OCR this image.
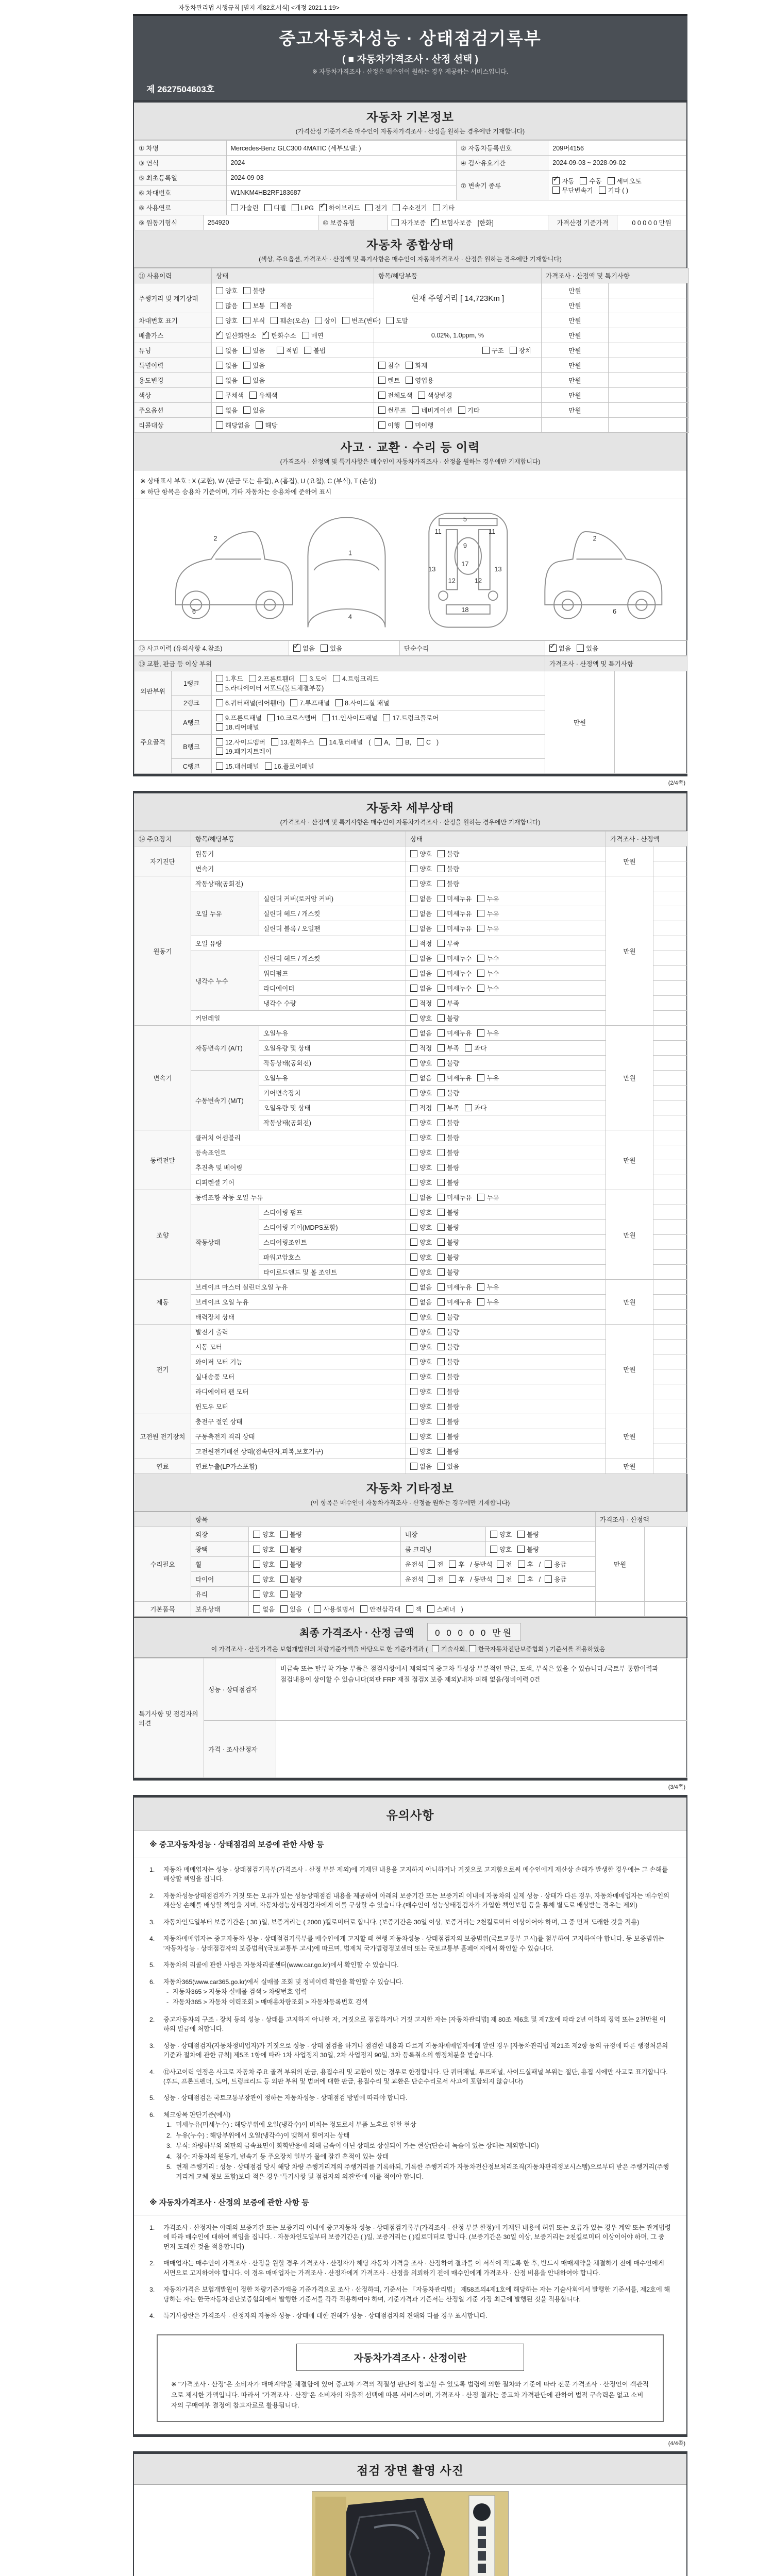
자동차관리법 시행규칙 [별지 제82호서식] <개정 2021.1.19>
중고자동차성능 · 상태점검기록부
( ■ 자동차가격조사 · 산정 선택 )
※ 자동차가격조사 · 산정은 매수인이 원하는 경우 제공하는 서비스입니다.
제 2627504603호
자동차 기본정보
(가격산정 기준가격은 매수인이 자동차가격조사 · 산정을 원하는 경우에만 기재합니다)
① 차명		Mercedes-Benz GLC300 4MATIC (세부모델: )			② 자동차등록번호	209머4156	
③ 연식		2024			④ 검사유효기간	2024-09-03 ~ 2028-09-02	
⑤ 최초등록일		2024-09-03			⑦ 변속기 종류	✓자동 수동 세미오토
무단변속기 기타 ( )
⑥ 차대번호		W1NKM4HB2RF183687					
⑧ 사용연료		가솔린 디젤 LPG ✓ 하이브리드 전기 수소전기 기타
⑨ 원동기형식	254920		⑩ 보증유형	자가보증 ✓ 보험사보증 [한화]		가격산정 기준가격	0 0 0 0 0 만원
자동차 종합상태
(색상, 주요옵션, 가격조사 · 산정액 및 특기사항은 매수인이 자동차가격조사 · 산정을 원하는 경우에만 기재합니다)
⑪ 사용이력	상태	항목/해당부품	가격조사 · 산정액 및 특기사항	
주행거리 및 계기상태	양호 불량	현재 주행거리 [ 14,723Km ]	만원	
	많음 보통 적음		만원	
차대번호 표기	양호 부식 훼손(오손) 상이 변조(변타) 도말		만원	
배출가스	✓일산화탄소 ✓ 탄화수소 매연	0.02%, 1.0ppm, %	만원	
튜닝	없음 있음 적법 불법	구조 장치	만원	
특별이력	없음 있음	침수 화재	만원	
용도변경	없음 있음	렌트 영업용	만원	
색상	무채색 유채색	전체도색 색상변경	만원	
주요옵션	없음 있음	썬루프 네비게이션 기타	만원	
리콜대상	해당없음 해당	이행 미이행		
사고 · 교환 · 수리 등 이력
(가격조사 · 산정액 및 특기사항은 매수인이 자동차가격조사 · 산정을 원하는 경우에만 기재합니다)
※ 상태표시 부호 : X (교환), W (판금 또는 용접), A (흠집), U (요철), C (부식), T (손상)
※ 하단 항목은 승용차 기준이며, 기타 자동차는 승용차에 준하여 표시
2
6
1
4
11	11
5
9
13	13
12	12
17
18
2
6
⑫ 사고이력 (유의사항 4.참조)	✓없음 있음	단순수리	✓없음 있음
⑬ 교환, 판금 등 이상 부위			가격조사 · 산정액 및 특기사항	
외판부위	1랭크	1.후드 2.프론트휀더 3.도어 4.트렁크리드
5.라디에이터 서포트(볼트체결부품)	만원	
	2랭크	6.쿼터패널(리어휀더) 7.루프패널 8.사이드실 패널		
주요골격	A랭크	9.프론트패널 10.크로스멤버 11.인사이드패널 17.트렁크플로어
18.리어패널		
	B랭크	12.사이드멤버 13.휠하우스 14.필러패널 ( A, B, C )
19.패키지트레이		
	C랭크	15.대쉬패널 16.플로어패널		
(2/4쪽)
자동차 세부상태
(가격조사 · 산정액 및 특기사항은 매수인이 자동차가격조사 · 산정을 원하는 경우에만 기재합니다)
⑭ 주요장치	항목/해당부품		상태	가격조사 · 산정액	
자기진단	원동기		양호 불량	만원	
	변속기		양호 불량		
원동기	작동상태(공회전)		양호 불량	만원	
	오일 누유	실린더 커버(로커암 커버)	없음 미세누유 누유		
		실린더 헤드 / 개스킷	없음 미세누유 누유		
		실린더 블록 / 오일팬	없음 미세누유 누유		
	오일 유량		적정 부족		
	냉각수 누수	실린더 헤드 / 개스킷	없음 미세누수 누수		
		워터펌프	없음 미세누수 누수		
		라디에이터	없음 미세누수 누수		
		냉각수 수량	적정 부족		
	커먼레일		양호 불량		
변속기	자동변속기 (A/T)	오일누유	없음 미세누유 누유	만원	
		오일유량 및 상태	적정 부족 과다		
		작동상태(공회전)	양호 불량		
	수동변속기 (M/T)	오일누유	없음 미세누유 누유		
		기어변속장치	양호 불량		
		오일유량 및 상태	적정 부족 과다		
		작동상태(공회전)	양호 불량		
동력전달	클러치 어셈블리		양호 불량	만원	
	등속죠인트		양호 불량		
	추진축 및 베어링		양호 불량		
	디퍼렌셜 기어		양호 불량		
조향	동력조향 작동 오일 누유		없음 미세누유 누유	만원	
	작동상태	스티어링 펌프	양호 불량		
		스티어링 기어(MDPS포함)	양호 불량		
		스티어링조인트	양호 불량		
		파워고압호스	양호 불량		
		타이로드엔드 및 볼 조인트	양호 불량		
제동	브레이크 마스터 실린더오일 누유		없음 미세누유 누유	만원	
	브레이크 오일 누유		없음 미세누유 누유		
	배력장치 상태		양호 불량		
전기	발전기 출력		양호 불량	만원	
	시동 모터		양호 불량		
	와이퍼 모터 기능		양호 불량		
	실내송풍 모터		양호 불량		
	라디에이터 팬 모터		양호 불량		
	윈도우 모터		양호 불량		
고전원 전기장치	충전구 절연 상태		양호 불량	만원	
	구동축전지 격리 상태		양호 불량		
	고전원전기배선 상태(접속단자,피복,보호기구)		양호 불량		
연료	연료누출(LP가스포함)		없음 있음	만원	
자동차 기타정보
(이 항목은 매수인이 자동차가격조사 · 산정을 원하는 경우에만 기재합니다)
	항목				가격조사 · 산정액	
수리필요	외장	양호 불량	내장	양호 불량	만원	
	광택	양호 불량	룸 크리닝	양호 불량		
	휠	양호 불량	운전석 전 후 / 동반석 전 후 / 응급			
	타이어	양호 불량	운전석 전 후 / 동반석 전 후 / 응급			
	유리	양호 불량				
기본품목	보유상태	없음 있음 ( 사용설명서 안전삼각대 잭 스패너 )				
최종 가격조사 · 산정 금액	0 0 0 0 0 만원
이 가격조사 · 산정가격은 보험개발원의 차량기준가액을 바탕으로 한 기준가격과 ( 기술사회, 한국자동차진단보증협회 ) 기준서를 적용하였음
특기사항 및 점검자의 의견	성능 · 상태점검자	비금속 또는 탈부착 가능 부품은 점검사항에서 제외되며 중고차 특성상 부분적인 판금, 도색, 부식은 있을 수 있습니다./국토부 통합이력과 점검내용이 상이할 수 있습니다(외판 FRP 재질 점검X 보증 제외)/내차 피해 없음/정비이력 0건
	가격 · 조사산정자	
(3/4쪽)
유의사항
※ 중고자동차성능 · 상태점검의 보증에 관한 사항 등
1.	자동차 매매업자는 성능 · 상태점검기록부(가격조사 · 산정 부분 제외)에 기재된 내용을 고지하지 아니하거나 거짓으로 고지함으로써 매수인에게 재산상 손해가 발생한 경우에는 그 손해를 배상할 책임을 집니다.
2.	자동차성능상태점검자가 거짓 또는 오류가 있는 성능상태점검 내용을 제공하여 아래의 보증기간 또는 보증거리 이내에 자동차의 실제 성능 · 상태가 다른 경우, 자동차매매업자는 매수인의 재산상 손해를 배상할 책임을 지며, 자동차성능상태점검자에게 이를 구상할 수 있습니다.(매수인이 성능상태점검자가 가입한 책임보험 등을 통해 별도로 배상받는 경우는 제외)
3.	자동차인도일부터 보증기간은 ( 30 )일, 보증거리는 ( 2000 )킬로미터로 합니다. (보증기간은 30일 이상, 보증거리는 2천킬로미터 이상이어야 하며, 그 중 먼저 도래한 것을 적용)
4.	자동차매매업자는 중고자동차 성능 · 상태점검기록부를 매수인에게 고지할 때 현행 자동차성능 · 상태점검자의 보증범위(국토교통부 고시)를 첨부하여 고지하여야 합니다. 동 보증범위는 '자동차성능 · 상태점검자의 보증범위'(국토교통부 고시)에 따르며, 법제처 국가법령정보센터 또는 국토교통부 홈페이지에서 확인할 수 있습니다.
5.	자동차의 리콜에 관한 사항은 자동차리콜센터(www.car.go.kr)에서 확인할 수 있습니다.
6.	자동차365(www.car365.go.kr)에서 실매물 조회 및 정비이력 확인을 확인할 수 있습니다.
- 자동차365 > 자동차 실매물 검색 > 차량번호 입력
- 자동차365 > 자동차 이력조회 > 매매용차량조회 > 자동차등록번호 검색
2.	중고자동차의 구조 · 장치 등의 성능 · 상태를 고지하지 아니한 자, 거짓으로 점검하거나 거짓 고지한 자는 [자동차관리법] 제 80조 제6호 및 제7호에 따라 2년 이하의 징역 또는 2천만원 이하의 벌금에 처합니다.
3.	성능 · 상태점검자(자동차정비업자)가 거짓으로 성능 · 상태 점검을 하거나 점검한 내용과 다르게 자동차매매업자에게 알린 경우 [자동차관리법 제21조 제2항 등의 규정에 따른 행정처분의 기준과 절차에 관한 규칙] 제5조 1항에 따라 1차 사업정지 30일, 2차 사업정지 90일, 3차 등록취소의 행정처분을 받습니다.
4.	⑫사고이력 인정은 사고로 자동차 주요 골격 부위의 판금, 용접수리 및 교환이 있는 경우로 한정합니다. 단 쿼터패널, 루프패널, 사이드실패널 부위는 절단, 용접 시에만 사고로 표기합니다. (후드, 프론트펜더, 도어, 트렁크리드 등 외판 부위 및 범퍼에 대한 판금, 용접수리 및 교환은 단순수리로서 사고에 포함되지 않습니다)
5.	성능 · 상태점검은 국토교통부장관이 정하는 자동차성능 · 상태점검 방법에 따라야 합니다.
6.	체크항목 판단기준(예시)
1. 미세누유(미세누수) : 해당부위에 오일(냉각수)이 비치는 정도로서 부품 노후로 인한 현상
2. 누유(누수) : 해당부위에서 오일(냉각수)이 맺혀서 떨어지는 상태
3. 부식: 차량하부와 외판의 금속표면이 화학반응에 의해 금속이 아닌 상태로 상실되어 가는 현상(단순히 녹슬어 있는 상태는 제외합니다)
4. 침수: 자동차의 원동기, 변속기 등 주요장치 일부가 물에 잠긴 흔적이 있는 상태
5. 현재 주행거리 : 성능 · 상태점검 당시 해당 차량 주행거리계의 주행거리를 기록하되, 기록한 주행거리가 자동차전산정보처리조직(자동차관리정보시스템)으로부터 받은 주행거리(주행거리계 교체 정보 포함)보다 적은 경우 '특기사항 및 점검자의 의견'란에 이를 적어야 합니다.
※ 자동차가격조사 · 산정의 보증에 관한 사항 등
1.	가격조사 · 산정자는 아래의 보증기간 또는 보증거리 이내에 중고자동차 성능 · 상태점검기록부(가격조사 · 산정 부분 한정)에 기재된 내용에 허위 또는 오류가 있는 경우 계약 또는 관계법령에 따라 매수인에 대하여 책임을 집니다. · 자동차인도일부터 보증기간은 ( )일, 보증거리는 ( )킬로미터로 합니다. (보증기간은 30일 이상, 보증거리는 2천킬로미터 이상이어야 하며, 그 중 먼저 도래한 것을 적용합니다)
2.	매매업자는 매수인이 가격조사 · 산정을 원할 경우 가격조사 · 산정자가 해당 자동차 가격을 조사 · 산정하여 결과를 이 서식에 적도록 한 후, 반드시 매매계약을 체결하기 전에 매수인에게 서면으로 고지하여야 합니다. 이 경우 매매업자는 가격조사 · 산정자에게 가격조사 · 산정을 의뢰하기 전에 매수인에게 가격조사 · 산정 비용을 안내하여야 합니다.
3.	자동차가격은 보험개발원이 정한 차량기준가액을 기준가격으로 조사 · 산정하되, 기준서는 「자동차관리법」 제58조의4제1호에 해당하는 자는 기술사회에서 발행한 기준서를, 제2호에 해당하는 자는 한국자동차진단보증협회에서 발행한 기준서를 각각 적용하여야 하며, 기준가격과 기준서는 산정일 기준 가장 최근에 발행된 것을 적용합니다.
4.	특기사항란은 가격조사 · 산정자의 자동차 성능 · 상태에 대한 견해가 성능 · 상태점검자의 견해와 다를 경우 표시합니다.
자동차가격조사 · 산정이란
※ "가격조사 · 산정"은 소비자가 매매계약을 체결함에 있어 중고차 가격의 적절성 판단에 참고할 수 있도록 법령에 의한 절차와 기준에 따라 전문 가격조사 · 산정인이 객관적으로 제시한 가액입니다. 따라서 "가격조사 · 산정"은 소비자의 자율적 선택에 따른 서비스이며, 가격조사 · 산정 결과는 중고차 가격판단에 관하여 법적 구속력은 없고 소비자의 구매여부 결정에 참고자료로 활용됩니다.
(4/4쪽)
점검 장면 촬영 사진
